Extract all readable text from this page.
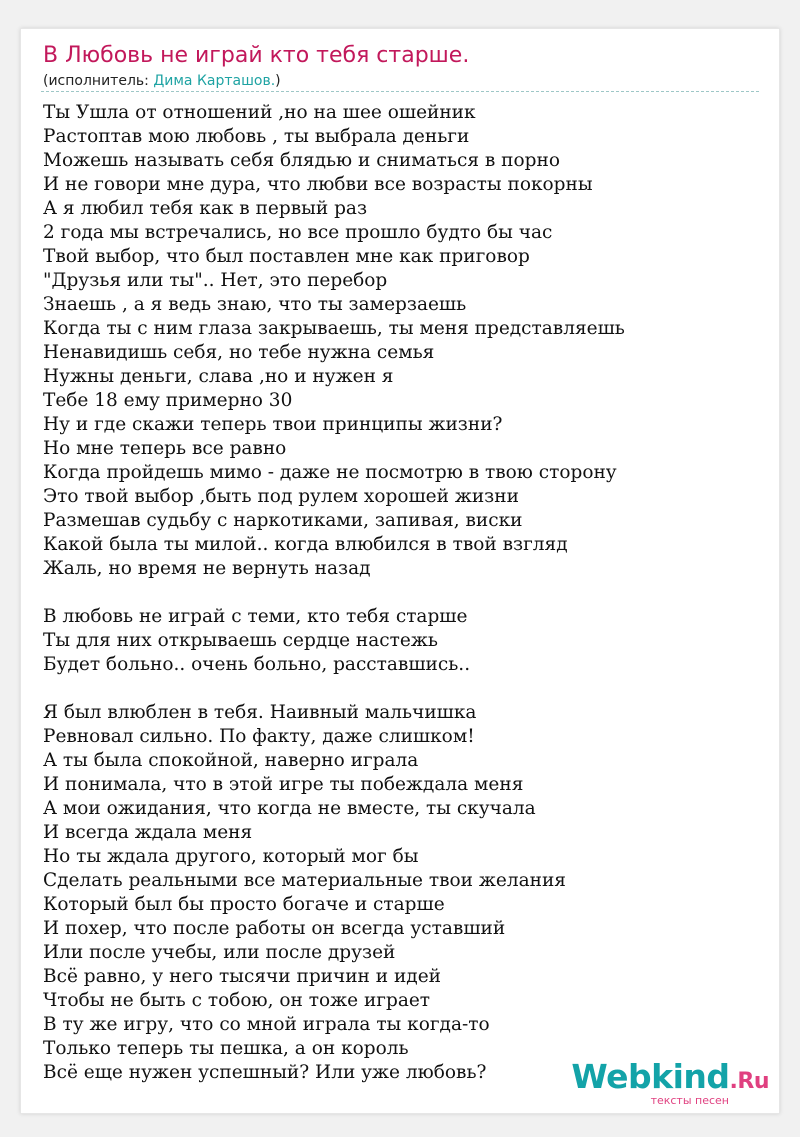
В Любовь не играй кто тебя старше.
(исполнитель: Дима Карташов.)
Ты Ушла от отношений ,но на шее ошейник
Растоптав мою любовь , ты выбрала деньги
Можешь называть себя блядью и сниматься в порно
И не говори мне дура, что любви все возрасты покорны
А я любил тебя как в первый раз
2 года мы встречались, но все прошло будто бы час
Твой выбор, что был поставлен мне как приговор
"Друзья или ты".. Нет, это перебор
Знаешь , а я ведь знаю, что ты замерзаешь
Когда ты с ним глаза закрываешь, ты меня представляешь
Ненавидишь себя, но тебе нужна семья
Нужны деньги, слава ,но и нужен я
Тебе 18 ему примерно 30
Ну и где скажи теперь твои принципы жизни?
Но мне теперь все равно
Когда пройдешь мимо - даже не посмотрю в твою сторону
Это твой выбор ,быть под рулем хорошей жизни
Размешав судьбу с наркотиками, запивая, виски
Какой была ты милой.. когда влюбился в твой взгляд
Жаль, но время не вернуть назад
В любовь не играй с теми, кто тебя старше
Ты для них открываешь сердце настежь
Будет больно.. очень больно, расставшись..
Я был влюблен в тебя. Наивный мальчишка
Ревновал сильно. По факту, даже слишком!
А ты была спокойной, наверно играла
И понимала, что в этой игре ты побеждала меня
А мои ожидания, что когда не вместе, ты скучала
И всегда ждала меня
Но ты ждала другого, который мог бы
Сделать реальными все материальные твои желания
Который был бы просто богаче и старше
И похер, что после работы он всегда уставший
Или после учебы, или после друзей
Всё равно, у него тысячи причин и идей
Чтобы не быть с тобою, он тоже играет
В ту же игру, что со мной играла ты когда-то
Только теперь ты пешка, а он король
Всё еще нужен успешный? Или уже любовь?	Webkind.Ru
тексты песен
